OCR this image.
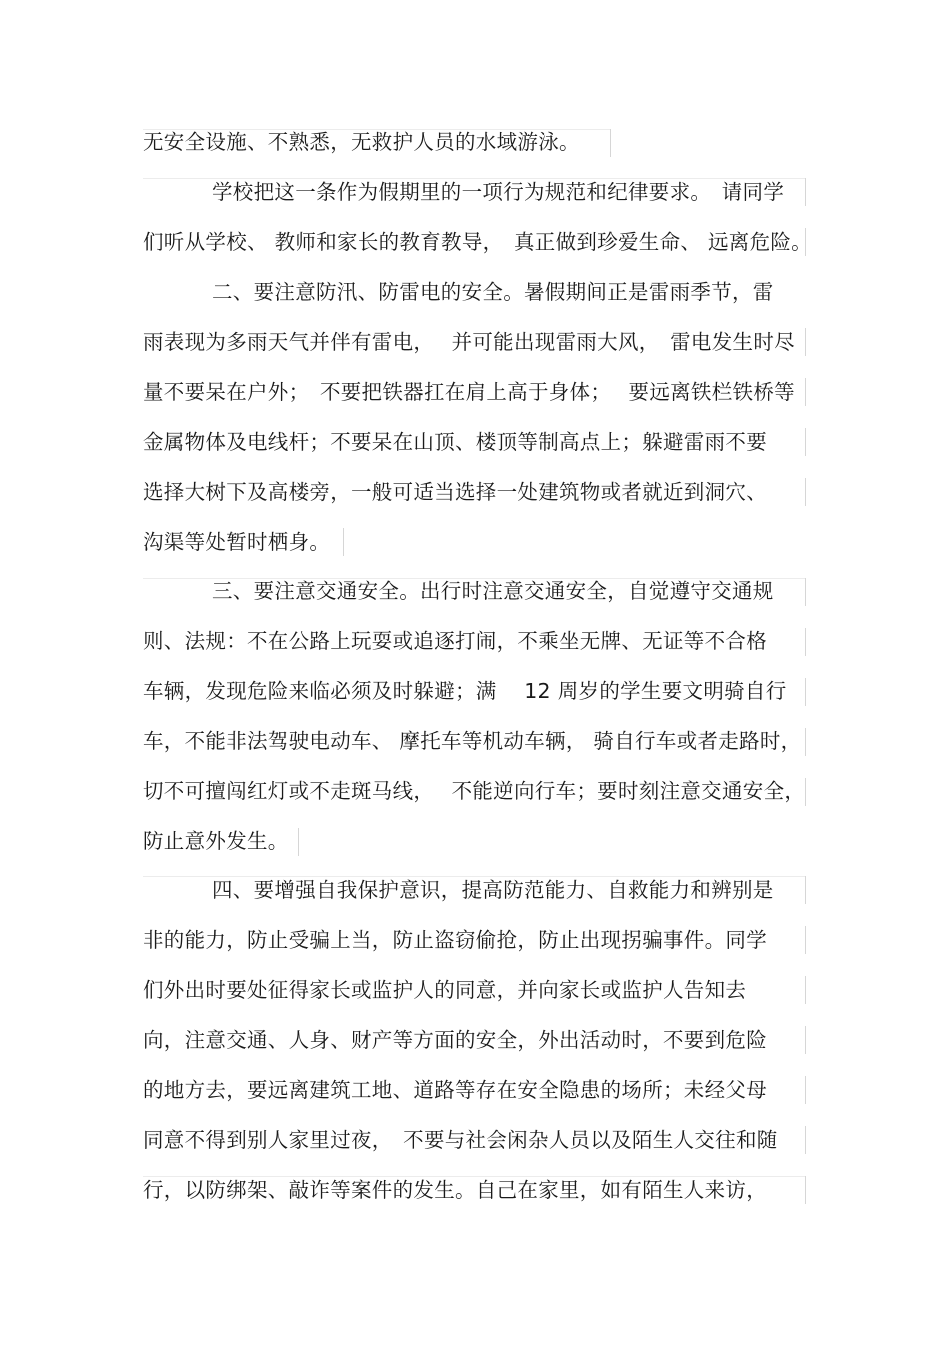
无安全设施、不熟悉，无救护人员的水域游泳。
学校把这一条作为假期里的一项行为规范和纪律要求。　请同学
们听从学校、 教师和家长的教育教导，　真正做到珍爱生命、 远离危险。
二、要注意防汛、防雷电的安全。暑假期间正是雷雨季节，雷
雨表现为多雨天气并伴有雷电，　 并可能出现雷雨大风，　雷电发生时尽
量不要呆在户外；　不要把铁器扛在肩上高于身体；　 要远离铁栏铁桥等
金属物体及电线杆；不要呆在山顶、楼顶等制高点上；躲避雷雨不要
选择大树下及高楼旁，一般可适当选择一处建筑物或者就近到洞穴、
沟渠等处暂时栖身。
三、要注意交通安全。出行时注意交通安全，自觉遵守交通规
则、法规：不在公路上玩耍或追逐打闹，不乘坐无牌、无证等不合格
车辆，发现危险来临必须及时躲避；满　 12 周岁的学生要文明骑自行
车，不能非法驾驶电动车、 摩托车等机动车辆， 骑自行车或者走路时，
切不可擅闯红灯或不走斑马线，　 不能逆向行车；要时刻注意交通安全，
防止意外发生。
四、要增强自我保护意识，提高防范能力、自救能力和辨别是
非的能力，防止受骗上当，防止盗窃偷抢，防止出现拐骗事件。同学
们外出时要处征得家长或监护人的同意，并向家长或监护人告知去
向，注意交通、人身、财产等方面的安全，外出活动时，不要到危险
的地方去，要远离建筑工地、道路等存在安全隐患的场所；未经父母
同意不得到别人家里过夜，　不要与社会闲杂人员以及陌生人交往和随
行，以防绑架、敲诈等案件的发生。自己在家里，如有陌生人来访，
